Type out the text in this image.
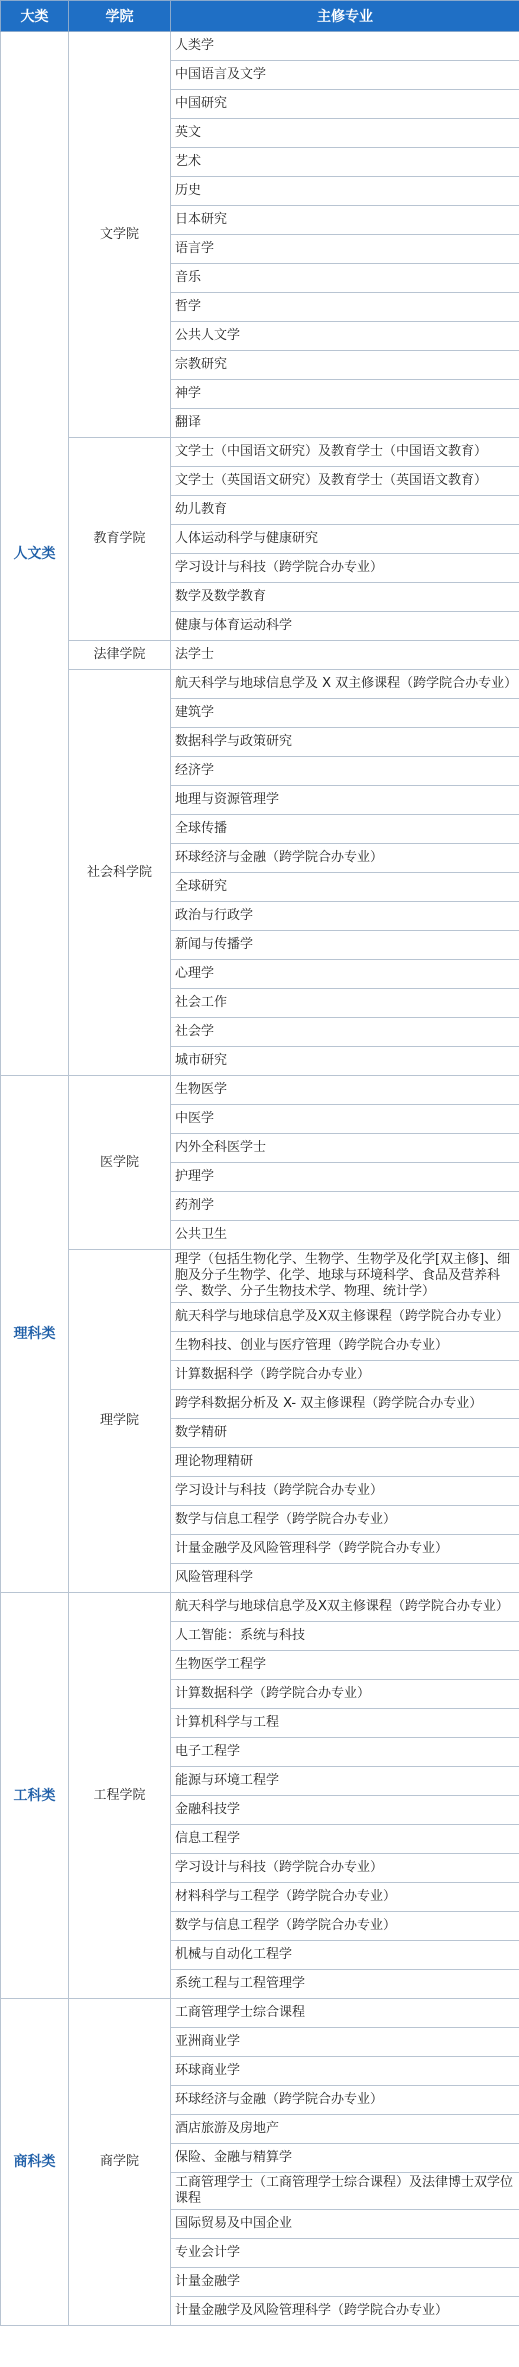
大类	学院	主修专业
人文类	文学院	人类学
		中国语言及文学
		中国研究
		英文
		艺术
		历史
		日本研究
		语言学
		音乐
		哲学
		公共人文学
		宗教研究
		神学
		翻译
	教育学院	文学士（中国语文研究）及教育学士（中国语文教育）
		文学士（英国语文研究）及教育学士（英国语文教育）
		幼儿教育
		人体运动科学与健康研究
		学习设计与科技（跨学院合办专业）
		数学及数学教育
		健康与体育运动科学
	法律学院	法学士
	社会科学院	航天科学与地球信息学及 X 双主修课程（跨学院合办专业）
		建筑学
		数据科学与政策研究
		经济学
		地理与资源管理学
		全球传播
		环球经济与金融（跨学院合办专业）
		全球研究
		政治与行政学
		新闻与传播学
		心理学
		社会工作
		社会学
		城市研究
理科类	医学院	生物医学
		中医学
		内外全科医学士
		护理学
		药剂学
		公共卫生
	理学院	理学（包括生物化学、生物学、生物学及化学[双主修]、细胞及分子生物学、化学、地球与环境科学、食品及营养科学、数学、分子生物技术学、物理、统计学）
		航天科学与地球信息学及X双主修课程（跨学院合办专业）
		生物科技、创业与医疗管理（跨学院合办专业）
		计算数据科学（跨学院合办专业）
		跨学科数据分析及 X- 双主修课程（跨学院合办专业）
		数学精研
		理论物理精研
		学习设计与科技（跨学院合办专业）
		数学与信息工程学（跨学院合办专业）
		计量金融学及风险管理科学（跨学院合办专业）
		风险管理科学
工科类	工程学院	航天科学与地球信息学及X双主修课程（跨学院合办专业）
		人工智能：系统与科技
		生物医学工程学
		计算数据科学（跨学院合办专业）
		计算机科学与工程
		电子工程学
		能源与环境工程学
		金融科技学
		信息工程学
		学习设计与科技（跨学院合办专业）
		材料科学与工程学（跨学院合办专业）
		数学与信息工程学（跨学院合办专业）
		机械与自动化工程学
		系统工程与工程管理学
商科类	商学院	工商管理学士综合课程
		亚洲商业学
		环球商业学
		环球经济与金融（跨学院合办专业）
		酒店旅游及房地产
		保险、金融与精算学
		工商管理学士（工商管理学士综合课程）及法律博士双学位课程
		国际贸易及中国企业
		专业会计学
		计量金融学
		计量金融学及风险管理科学（跨学院合办专业）
